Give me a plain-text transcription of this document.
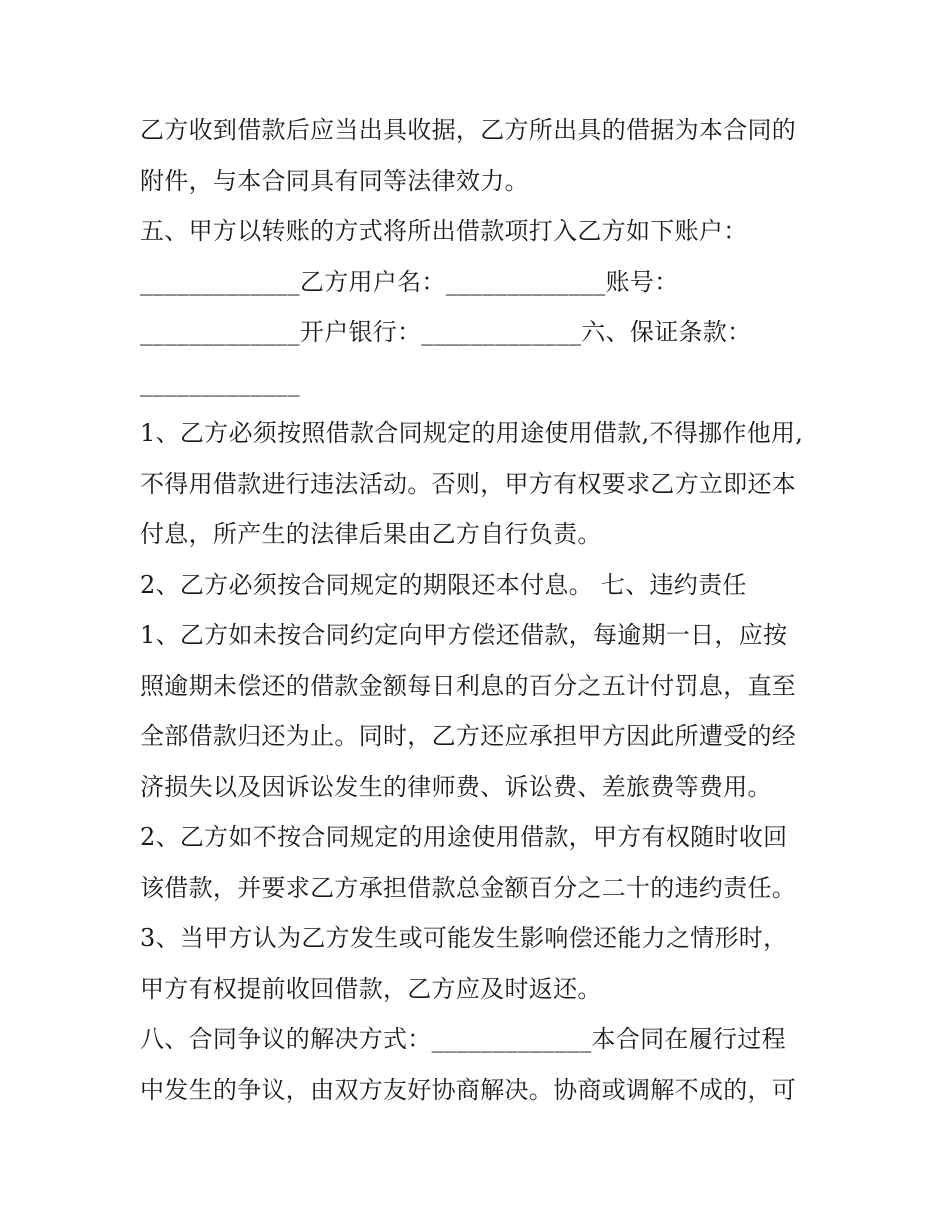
乙方收到借款后应当出具收据，乙方所出具的借据为本合同的
附件，与本合同具有同等法律效力。
五、甲方以转账的方式将所出借款项打入乙方如下账户：
_____________乙方用户名：_____________账号：
_____________开户银行：_____________六、保证条款：
_____________
1、乙方必须按照借款合同规定的用途使用借款,不得挪作他用,
不得用借款进行违法活动。否则，甲方有权要求乙方立即还本
付息，所产生的法律后果由乙方自行负责。
2、乙方必须按合同规定的期限还本付息。 七、违约责任
1、乙方如未按合同约定向甲方偿还借款，每逾期一日，应按
照逾期未偿还的借款金额每日利息的百分之五计付罚息，直至
全部借款归还为止。同时，乙方还应承担甲方因此所遭受的经
济损失以及因诉讼发生的律师费、诉讼费、差旅费等费用。
2、乙方如不按合同规定的用途使用借款，甲方有权随时收回
该借款，并要求乙方承担借款总金额百分之二十的违约责任。
3、当甲方认为乙方发生或可能发生影响偿还能力之情形时，
甲方有权提前收回借款，乙方应及时返还。
八、合同争议的解决方式：_____________本合同在履行过程
中发生的争议，由双方友好协商解决。协商或调解不成的，可
